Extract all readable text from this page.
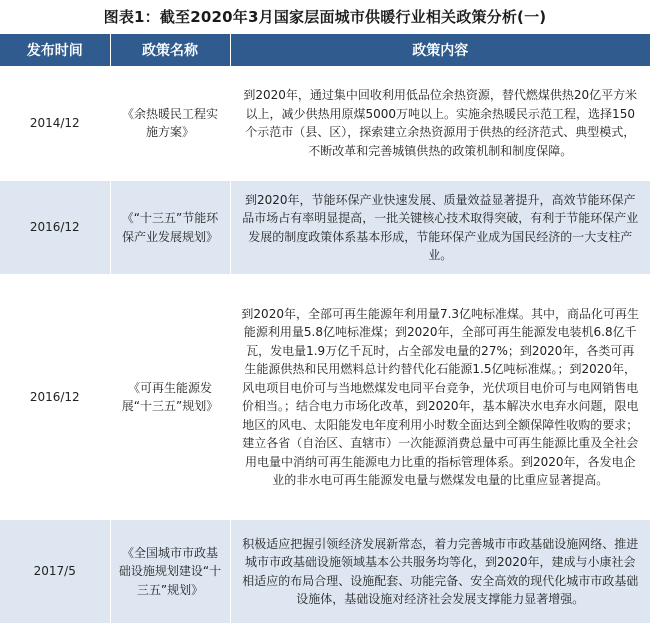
图表1：截至2020年3月国家层面城市供暖行业相关政策分析(一)
发布时间	政策名称	政策内容
2014/12	《余热暖民工程实施方案》	到2020年，通过集中回收利用低品位余热资源，替代燃煤供热20亿平方米以上，减少供热用原煤5000万吨以上。实施余热暖民示范工程，选择150个示范市（县、区），探索建立余热资源用于供热的经济范式、典型模式，不断改革和完善城镇供热的政策机制和制度保障。
2016/12	《“十三五”节能环保产业发展规划》	到2020年，节能环保产业快速发展、质量效益显著提升，高效节能环保产品市场占有率明显提高，一批关键核心技术取得突破，有利于节能环保产业发展的制度政策体系基本形成，节能环保产业成为国民经济的一大支柱产业。
2016/12	《可再生能源发展“十三五”规划》	到2020年，全部可再生能源年利用量7.3亿吨标准煤。其中，商品化可再生能源利用量5.8亿吨标准煤；到2020年，全部可再生能源发电装机6.8亿千瓦，发电量1.9万亿千瓦时，占全部发电量的27%；到2020年，各类可再生能源供热和民用燃料总计约替代化石能源1.5亿吨标准煤。；到2020年，风电项目电价可与当地燃煤发电同平台竞争，光伏项目电价可与电网销售电价相当。；结合电力市场化改革，到2020年，基本解决水电弃水问题，限电地区的风电、太阳能发电年度利用小时数全面达到全额保障性收购的要求；建立各省（自治区、直辖市）一次能源消费总量中可再生能源比重及全社会用电量中消纳可再生能源电力比重的指标管理体系。到2020年，各发电企业的非水电可再生能源发电量与燃煤发电量的比重应显著提高。
2017/5	《全国城市市政基础设施规划建设“十三五”规划》	积极适应把握引领经济发展新常态，着力完善城市市政基础设施网络、推进城市市政基础设施领域基本公共服务均等化，到2020年，建成与小康社会相适应的布局合理、设施配套、功能完备、安全高效的现代化城市市政基础设施体，基础设施对经济社会发展支撑能力显著增强。
